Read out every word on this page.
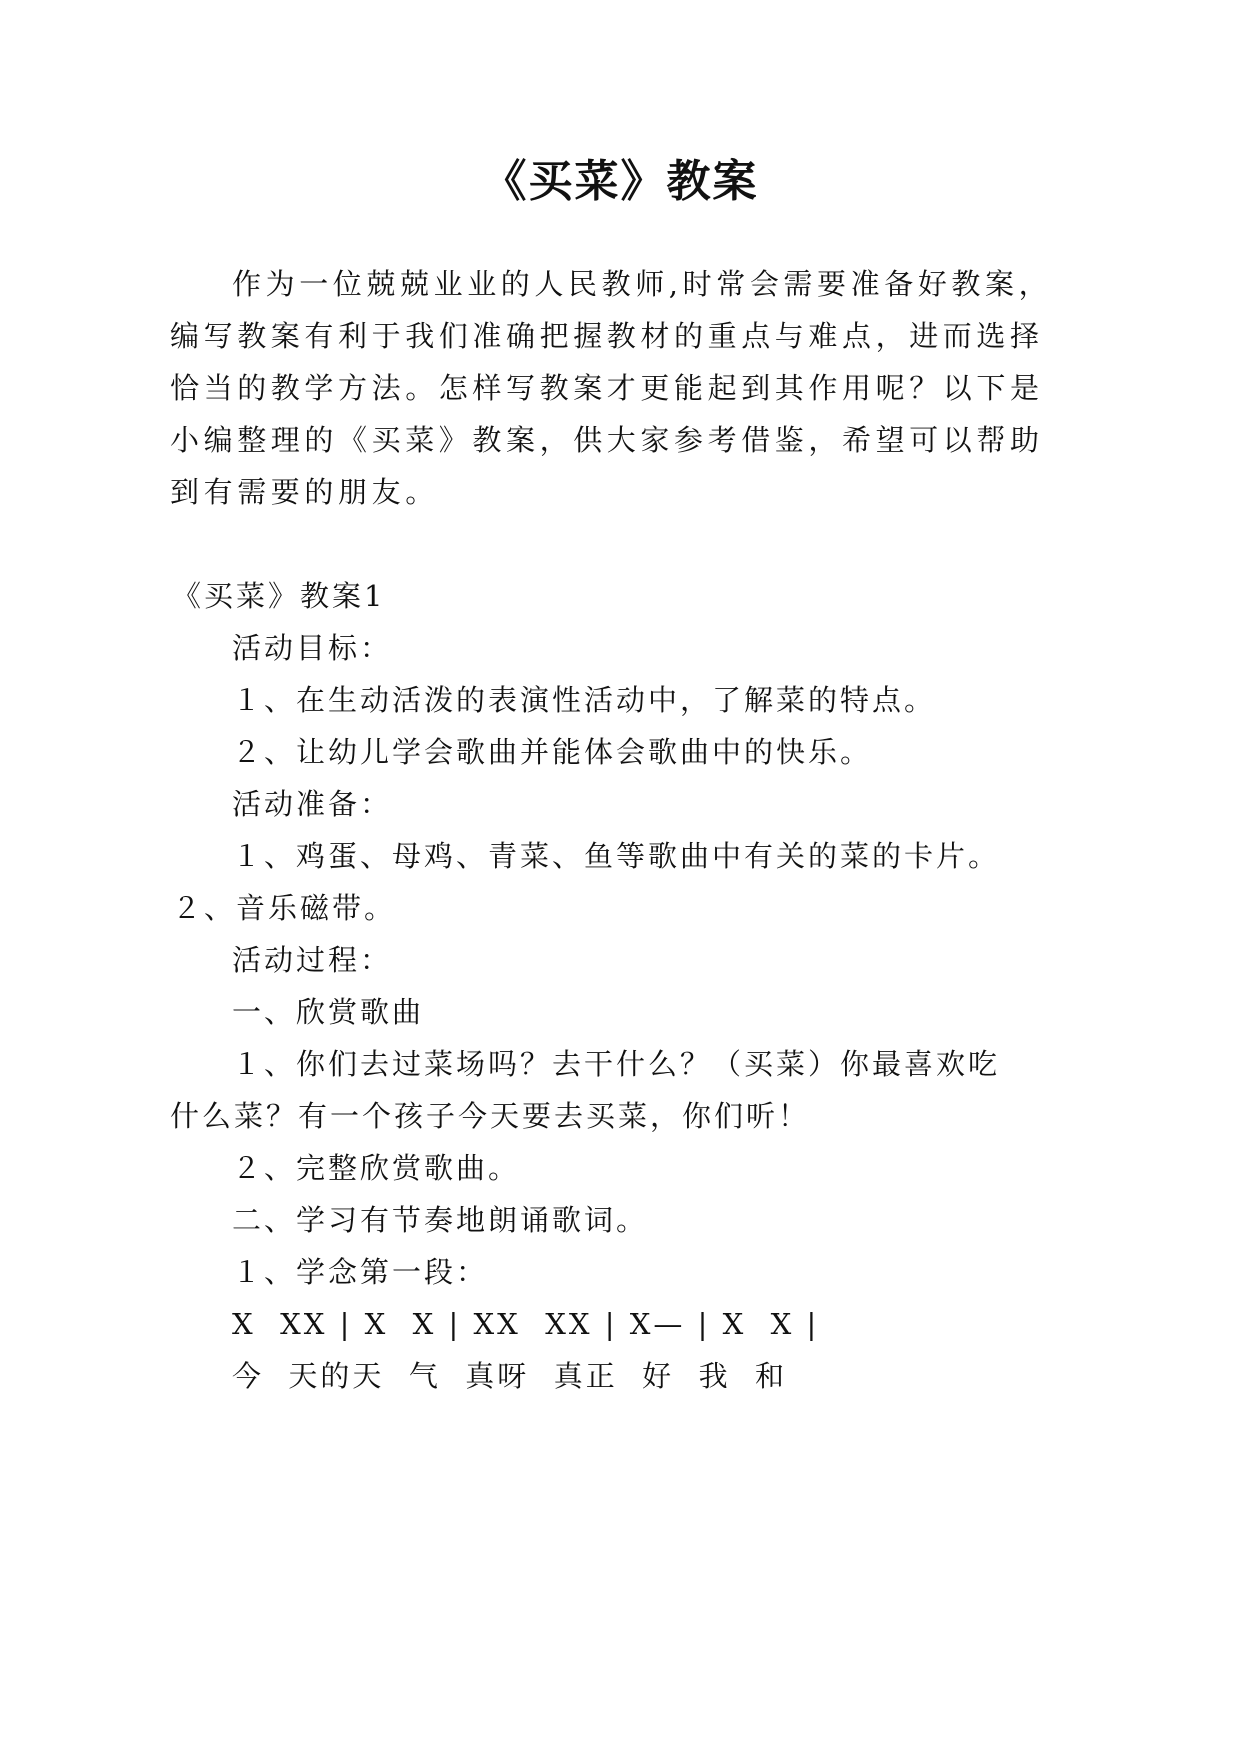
《买菜》教案
作为一位兢兢业业的人民教师,时常会需要准备好教案，
编写教案有利于我们准确把握教材的重点与难点，进而选择
恰当的教学方法。怎样写教案才更能起到其作用呢？以下是
小编整理的《买菜》教案，供大家参考借鉴，希望可以帮助
到有需要的朋友。
《买菜》教案1
活动目标：
１、在生动活泼的表演性活动中，了解菜的特点。
２、让幼儿学会歌曲并能体会歌曲中的快乐。
活动准备：
１、鸡蛋、母鸡、青菜、鱼等歌曲中有关的菜的卡片。
２、音乐磁带。
活动过程：
一、欣赏歌曲
１、你们去过菜场吗？去干什么？（买菜）你最喜欢吃
什么菜？有一个孩子今天要去买菜，你们听！
２、完整欣赏歌曲。
二、学习有节奏地朗诵歌词。
１、学念第一段：
X  XX | X  X | XX  XX | X— | X  X |
今  天的天  气  真呀  真正  好  我  和
